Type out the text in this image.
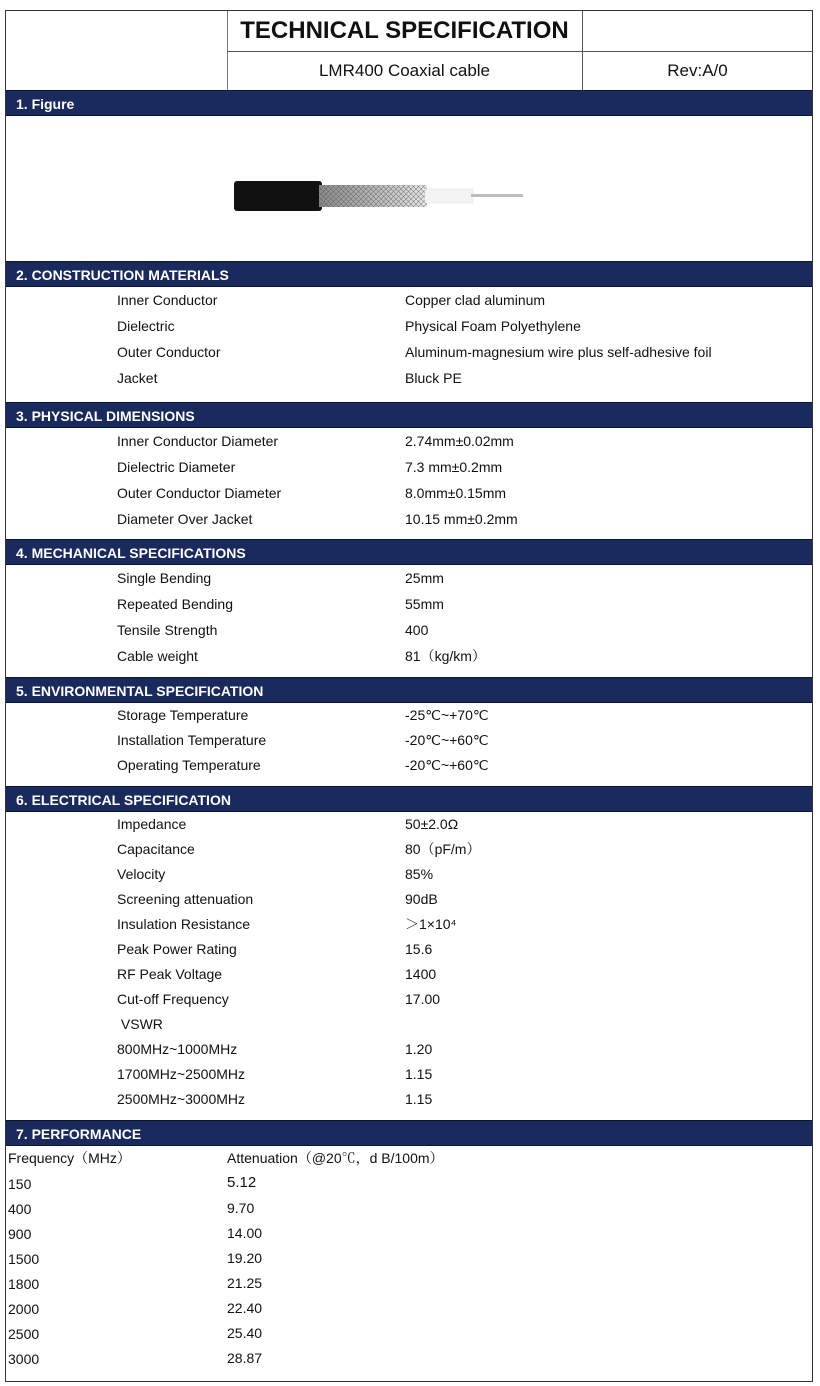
TECHNICAL SPECIFICATION
LMR400 Coaxial cable	Rev:A/0
1. Figure
2. CONSTRUCTION MATERIALS
Inner Conductor	Copper clad aluminum
Dielectric	Physical Foam Polyethylene
Outer Conductor	Aluminum-magnesium wire plus self-adhesive foil
Jacket	Bluck PE
3. PHYSICAL DIMENSIONS
Inner Conductor Diameter	2.74mm±0.02mm
Dielectric Diameter	7.3 mm±0.2mm
Outer Conductor Diameter	8.0mm±0.15mm
Diameter Over Jacket	10.15 mm±0.2mm
4. MECHANICAL SPECIFICATIONS
Single Bending	25mm
Repeated Bending	55mm
Tensile Strength	400
Cable weight	81（kg/km）
5. ENVIRONMENTAL SPECIFICATION
Storage Temperature	-25℃~+70℃
Installation Temperature	-20℃~+60℃
Operating Temperature	-20℃~+60℃
6. ELECTRICAL SPECIFICATION
Impedance	50±2.0Ω
Capacitance	80（pF/m）
Velocity	85%
Screening attenuation	90dB
Insulation Resistance	＞1×10⁴
Peak Power Rating	15.6
RF Peak Voltage	1400
Cut-off Frequency	17.00
VSWR
800MHz~1000MHz	1.20
1700MHz~2500MHz	1.15
2500MHz~3000MHz	1.15
7. PERFORMANCE
Frequency（MHz）	Attenuation（@20℃，d B/100m）
150	5.12
400	9.70
900	14.00
1500	19.20
1800	21.25
2000	22.40
2500	25.40
3000	28.87
